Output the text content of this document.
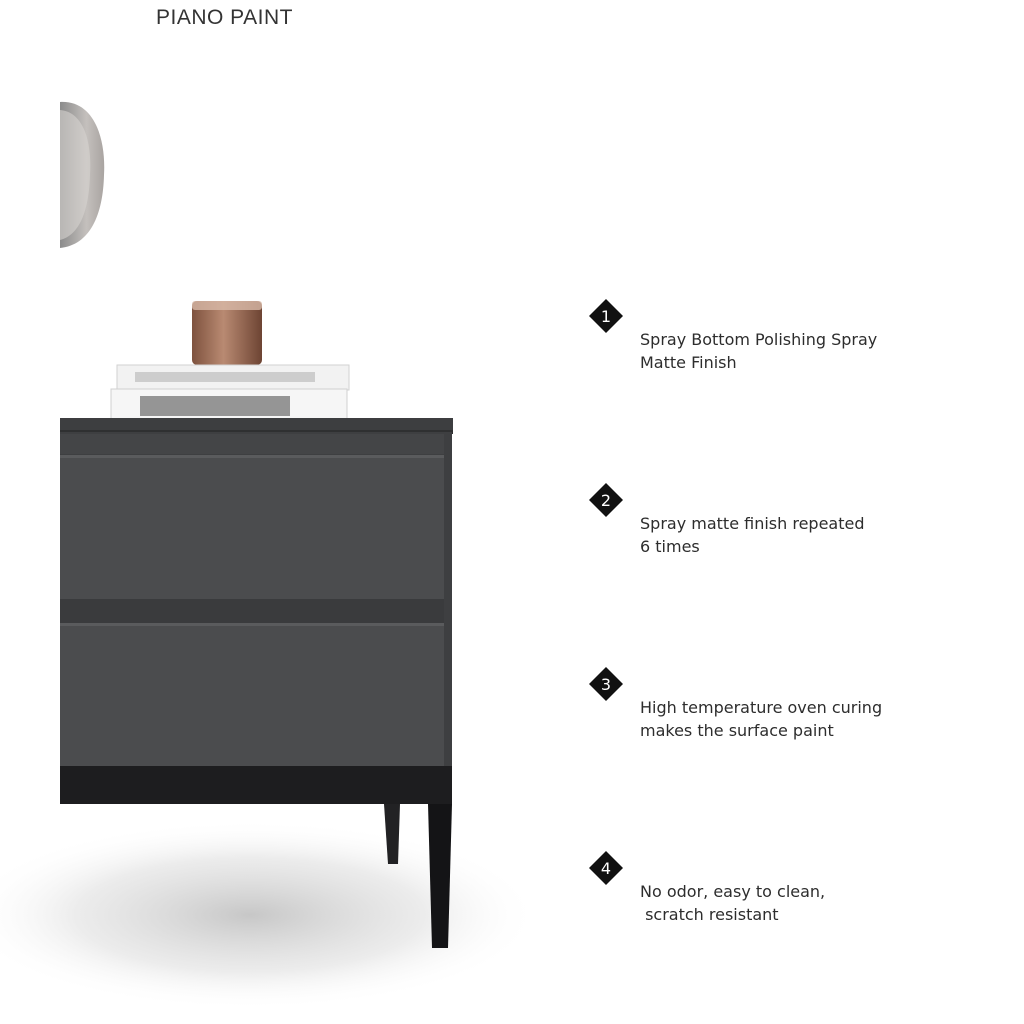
PIANO PAINT
1
Spray Bottom Polishing Spray
Matte Finish
2
Spray matte finish repeated
6 times
3
High temperature oven curing
makes the surface paint
4
No odor, easy to clean,
scratch resistant
